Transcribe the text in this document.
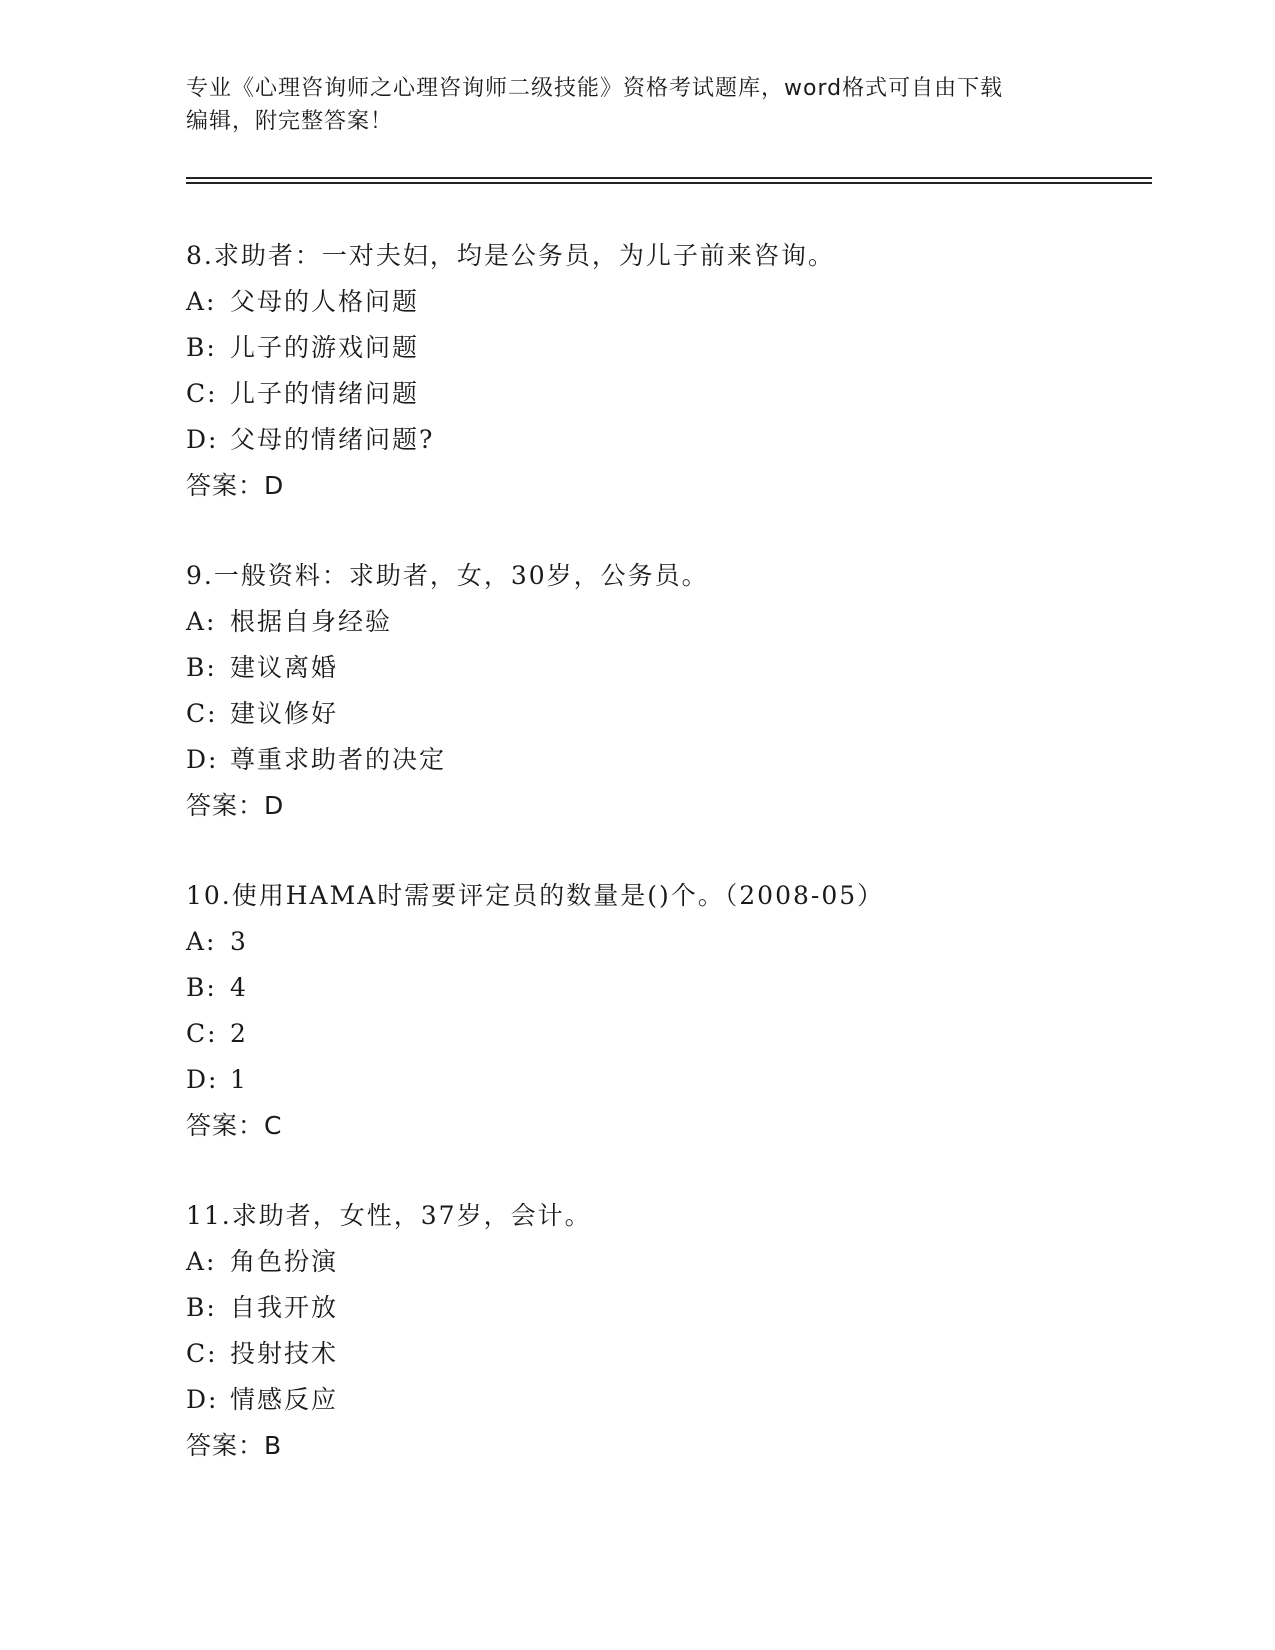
专业《心理咨询师之心理咨询师二级技能》资格考试题库，word格式可自由下载
编辑，附完整答案！
8.求助者：一对夫妇，均是公务员，为儿子前来咨询。
A: 父母的人格问题
B: 儿子的游戏问题
C: 儿子的情绪问题
D: 父母的情绪问题?
答案：D
9.一般资料：求助者，女，30岁，公务员。
A: 根据自身经验
B: 建议离婚
C: 建议修好
D: 尊重求助者的决定
答案：D
10.使用HAMA时需要评定员的数量是()个。（2008-05）
A: 3
B: 4
C: 2
D: 1
答案：C
11.求助者，女性，37岁，会计。
A: 角色扮演
B: 自我开放
C: 投射技术
D: 情感反应
答案：B
